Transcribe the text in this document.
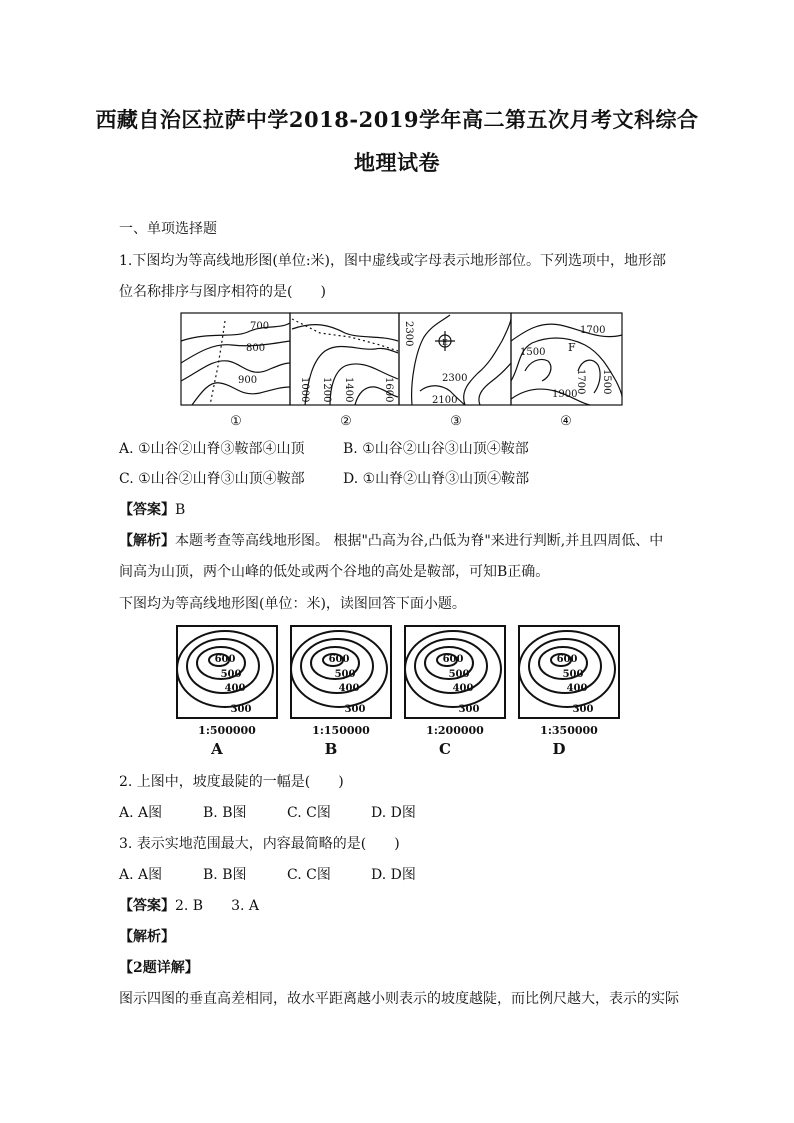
西藏自治区拉萨中学2018-2019学年高二第五次月考文科综合
地理试卷
一、单项选择题
1.下图均为等高线地形图(单位:米)，图中虚线或字母表示地形部位。下列选项中，地形部
位名称排序与图序相符的是(　　)
700
800
900	1000 1200 1400	1600
2300
2300
2100
E
1700
1500
1700 1500
1900
F
①	②	③	④
A. ①山谷②山脊③鞍部④山顶	B. ①山谷②山谷③山顶④鞍部
C. ①山谷②山脊③山顶④鞍部	D. ①山脊②山脊③山顶④鞍部
【答案】B
【解析】本题考查等高线地形图。 根据"凸高为谷,凸低为脊"来进行判断,并且四周低、中
间高为山顶，两个山峰的低处或两个谷地的高处是鞍部，可知B正确。
下图均为等高线地形图(单位：米)，读图回答下面小题。
600
500
400
300
1:500000
A
600
500
400
300
1:150000
B
600
500
400
300
1:200000
C
600
500
400
300
1:350000
D
2. 上图中，坡度最陡的一幅是(　　)
A. A图	B. B图	C. C图	D. D图
3. 表示实地范围最大，内容最简略的是(　　)
A. A图	B. B图	C. C图	D. D图
【答案】2. B　　3. A
【解析】
【2题详解】
图示四图的垂直高差相同，故水平距离越小则表示的坡度越陡，而比例尺越大，表示的实际
